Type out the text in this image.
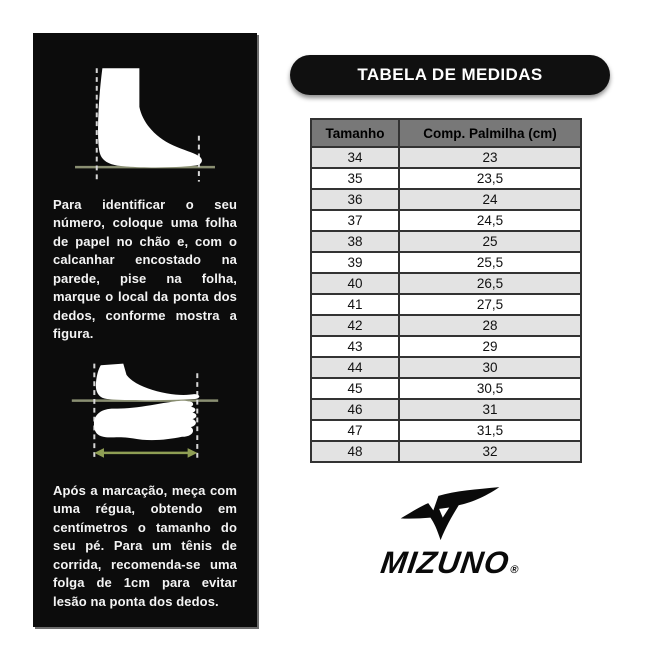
Para identificar o seu número, coloque uma folha de papel no chão e, com o calcanhar encostado na parede, pise na folha, marque o local da ponta dos dedos, conforme mostra a figura.

Após a marcação, meça com uma régua, obtendo em centímetros o tamanho do seu pé. Para um tênis de corrida, recomenda-se uma folga de 1cm para evitar lesão na ponta dos dedos.

TABELA DE MEDIDAS
Tamanho	Comp. Palmilha (cm)
34	23
35	23,5
36	24
37	24,5
38	25
39	25,5
40	26,5
41	27,5
42	28
43	29
44	30
45	30,5
46	31
47	31,5
48	32
MIZUNO
®
